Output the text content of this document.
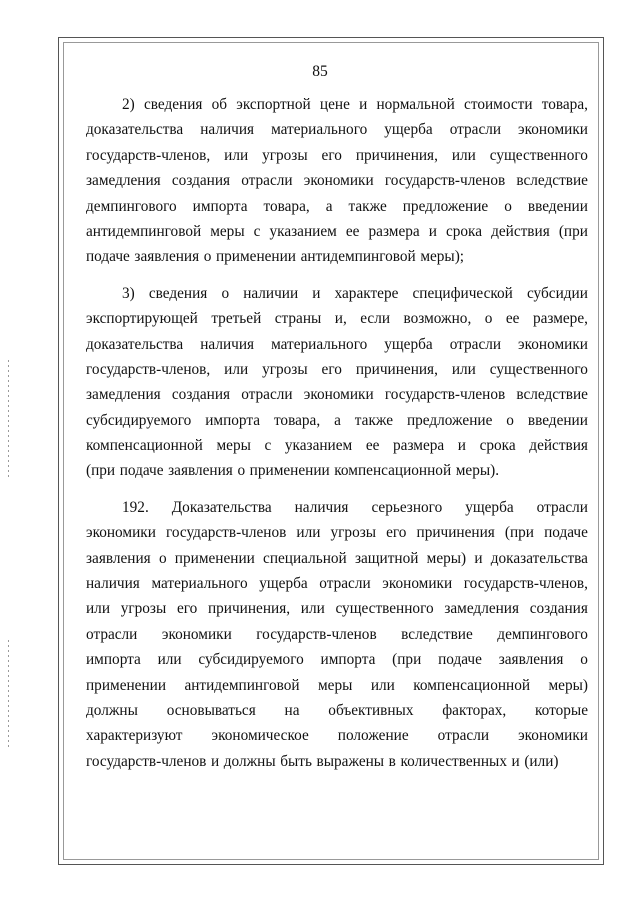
85
2) сведения об экспортной цене и нормальной стоимости товара,
доказательства наличия материального ущерба отрасли экономики
государств-членов, или угрозы его причинения, или существенного
замедления создания отрасли экономики государств-членов вследствие
демпингового импорта товара, а также предложение о введении
антидемпинговой меры с указанием ее размера и срока действия (при
подаче заявления о применении антидемпинговой меры);
3) сведения о наличии и характере специфической субсидии
экспортирующей третьей страны и, если возможно, о ее размере,
доказательства наличия материального ущерба отрасли экономики
государств-членов, или угрозы его причинения, или существенного
замедления создания отрасли экономики государств-членов вследствие
субсидируемого импорта товара, а также предложение о введении
компенсационной меры с указанием ее размера и срока действия
(при подаче заявления о применении компенсационной меры).
192. Доказательства наличия серьезного ущерба отрасли
экономики государств-членов или угрозы его причинения (при подаче
заявления о применении специальной защитной меры) и доказательства
наличия материального ущерба отрасли экономики государств-членов,
или угрозы его причинения, или существенного замедления создания
отрасли экономики государств-членов вследствие демпингового
импорта или субсидируемого импорта (при подаче заявления о
применении антидемпинговой меры или компенсационной меры)
должны основываться на объективных факторах, которые
характеризуют экономическое положение отрасли экономики
государств-членов и должны быть выражены в количественных и (или)
